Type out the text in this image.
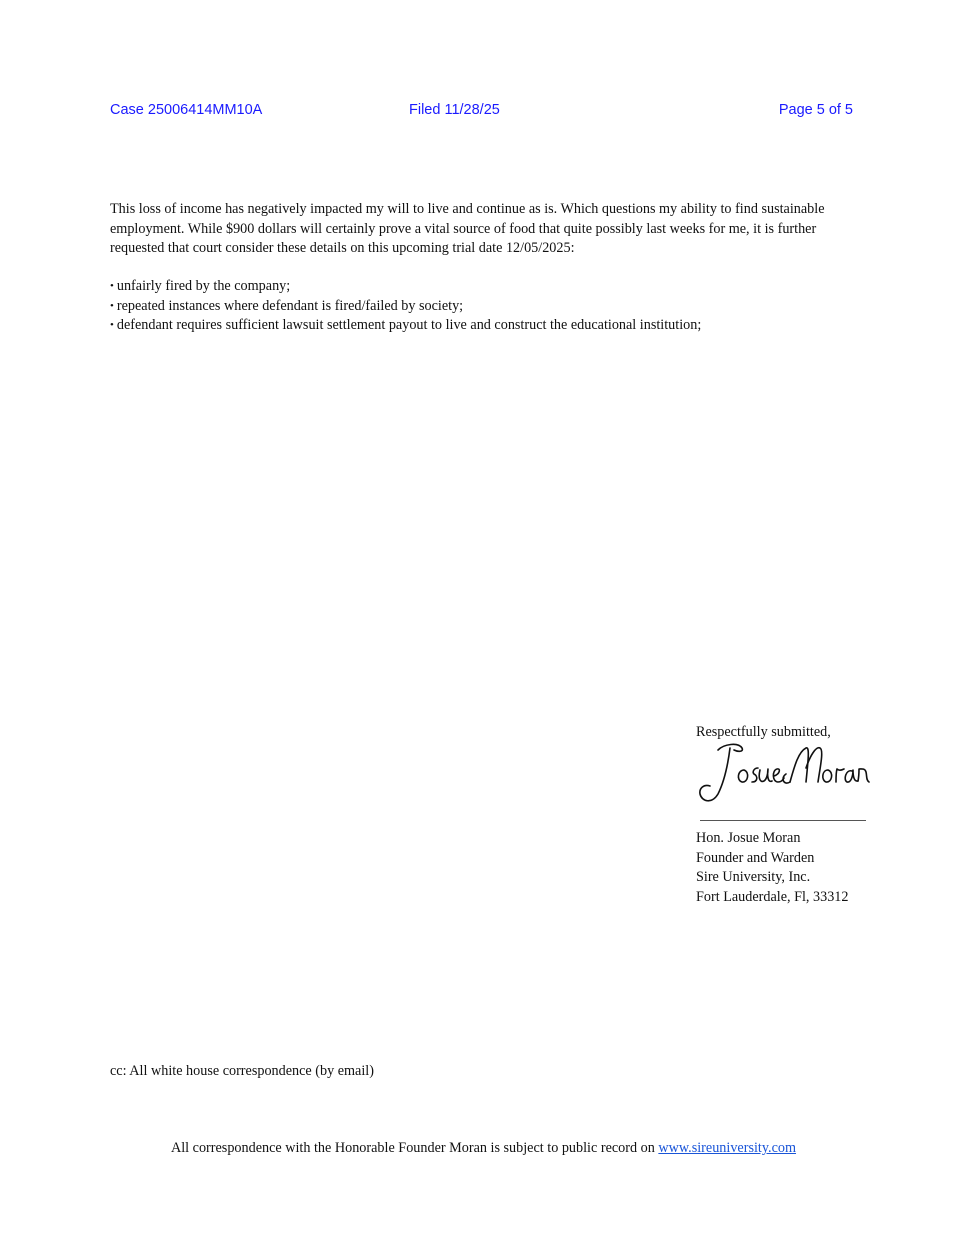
Case 25006414MM10A	Filed 11/28/25	Page 5 of 5

This loss of income has negatively impacted my will to live and continue as is. Which questions my ability to find sustainable employment. While $900 dollars will certainly prove a vital source of food that quite possibly last weeks for me, it is further requested that court consider these details on this upcoming trial date 12/05/2025:

• unfairly fired by the company;
• repeated instances where defendant is fired/failed by society;
• defendant requires sufficient lawsuit settlement payout to live and construct the educational institution;
Respectfully submitted,
Hon. Josue Moran
Founder and Warden
Sire University, Inc.
Fort Lauderdale, Fl, 33312
cc: All white house correspondence (by email)
All correspondence with the Honorable Founder Moran is subject to public record on www.sireuniversity.com
